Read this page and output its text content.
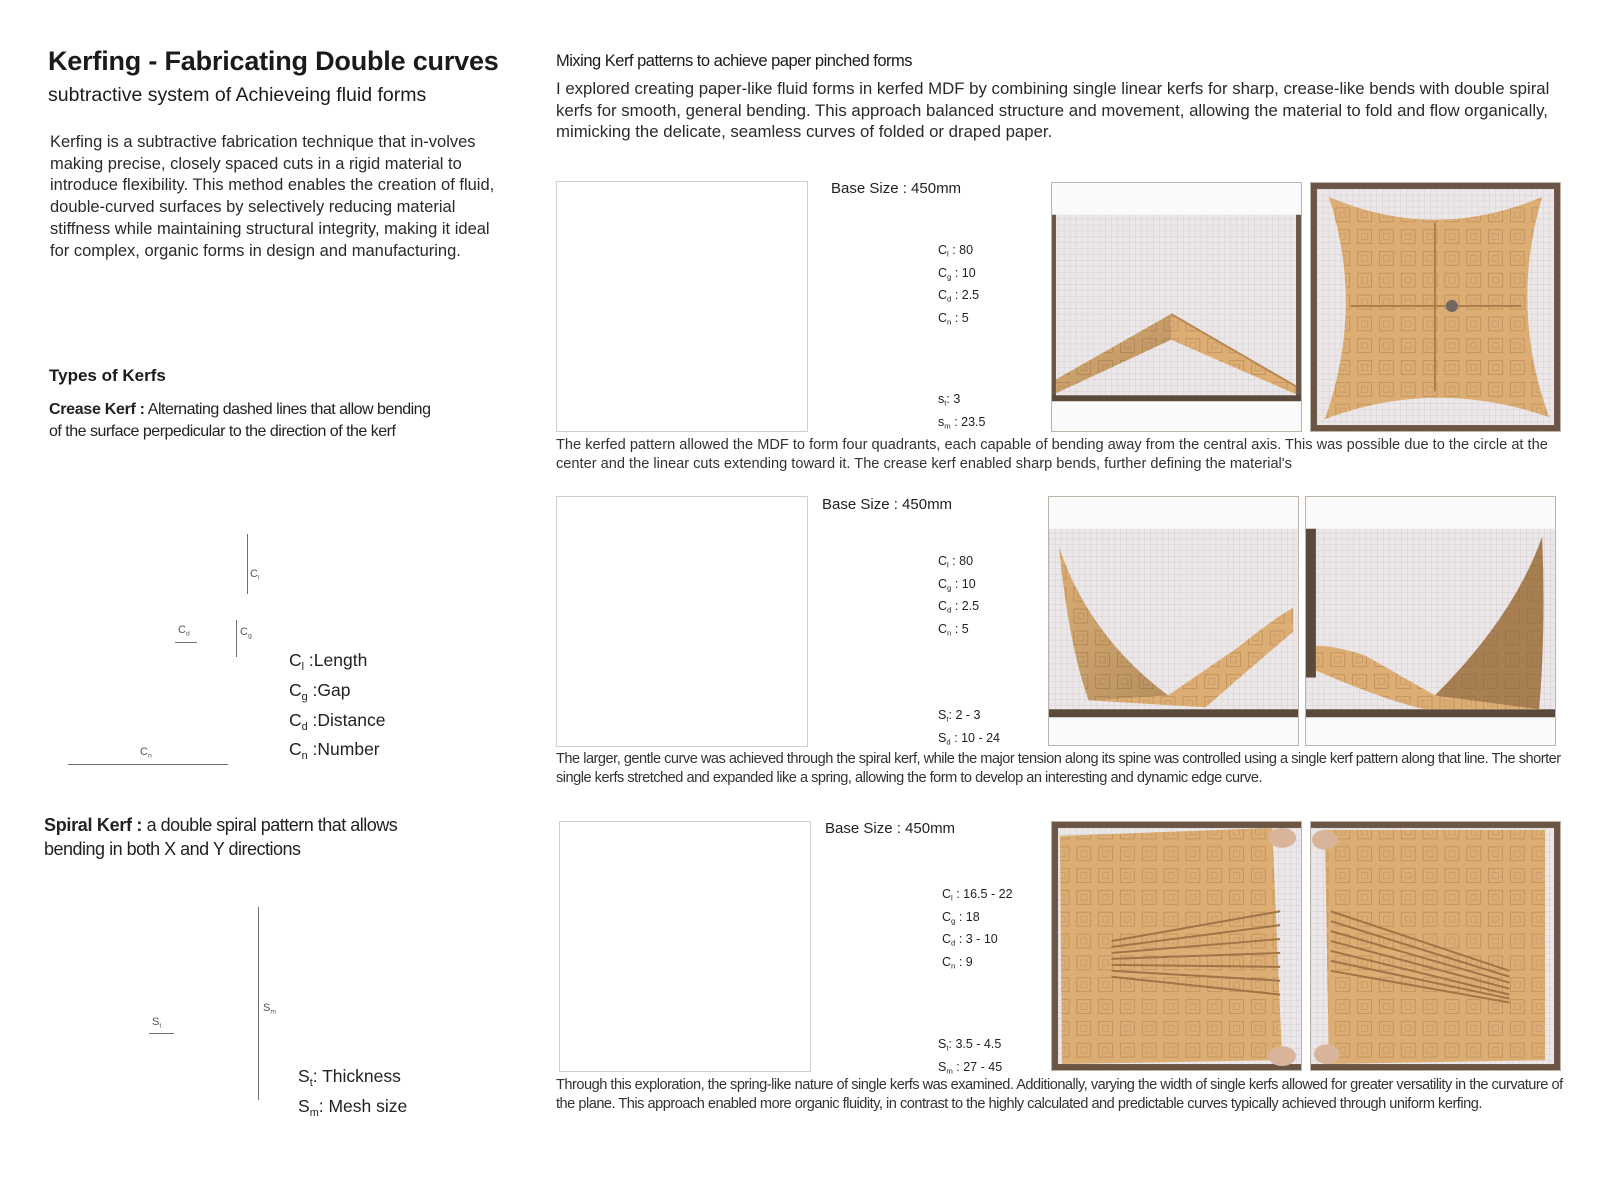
Kerfing - Fabricating Double curves
subtractive system of Achieveing fluid forms
Kerfing is a subtractive fabrication technique that in-volves making precise, closely spaced cuts in a rigid material to introduce flexibility. This method enables the creation of fluid, double-curved surfaces by selectively reducing material stiffness while maintaining structural integrity, making it ideal for complex, organic forms in design and manufacturing.
Types of Kerfs
Crease Kerf : Alternating dashed lines that allow bending of the surface perpedicular to the direction of the kerf
$C_l$
$C_g$
$C_d$
$C_n$
$C_l$ :Length
$C_g$ :Gap
$C_d$ :Distance
$C_n$ :Number
Spiral Kerf : a double spiral pattern that allows bending in both X and Y directions
$S_m$
$S_t$
$S_t$: Thickness
$S_m$: Mesh size
Mixing Kerf patterns to achieve paper pinched forms
I explored creating paper-like fluid forms in kerfed MDF by combining single linear kerfs for sharp, crease-like bends with double spiral kerfs for smooth, general bending. This approach balanced structure and movement, allowing the material to fold and flow organically, mimicking the delicate, seamless curves of folded or draped paper.
Base Size : 450mm
$C_l$ : 80
$C_g$ : 10
$C_d$ : 2.5
$C_n$ : 5
$s_t$: 3
$s_m$ : 23.5
The kerfed pattern allowed the MDF to form four quadrants, each capable of bending away from the central axis. This was possible due to the circle at the center and the linear cuts extending toward it. The crease kerf enabled sharp bends, further defining the material's
Base Size : 450mm
$C_l$ : 80
$C_g$ : 10
$C_d$ : 2.5
$C_n$ : 5
$S_t$: 2 - 3
$S_d$ : 10 - 24
The larger, gentle curve was achieved through the spiral kerf, while the major tension along its spine was controlled using a single kerf pattern along that line. The shorter single kerfs stretched and expanded like a spring, allowing the form to develop an interesting and dynamic edge curve.
Base Size : 450mm
$C_l$ : 16.5 - 22
$C_g$ : 18
$C_d$ : 3 - 10
$C_n$ : 9
$S_t$: 3.5 - 4.5
$S_m$ : 27 - 45
Through this exploration, the spring-like nature of single kerfs was examined. Additionally, varying the width of single kerfs allowed for greater versatility in the curvature of the plane. This approach enabled more organic fluidity, in contrast to the highly calculated and predictable curves typically achieved through uniform kerfing.
